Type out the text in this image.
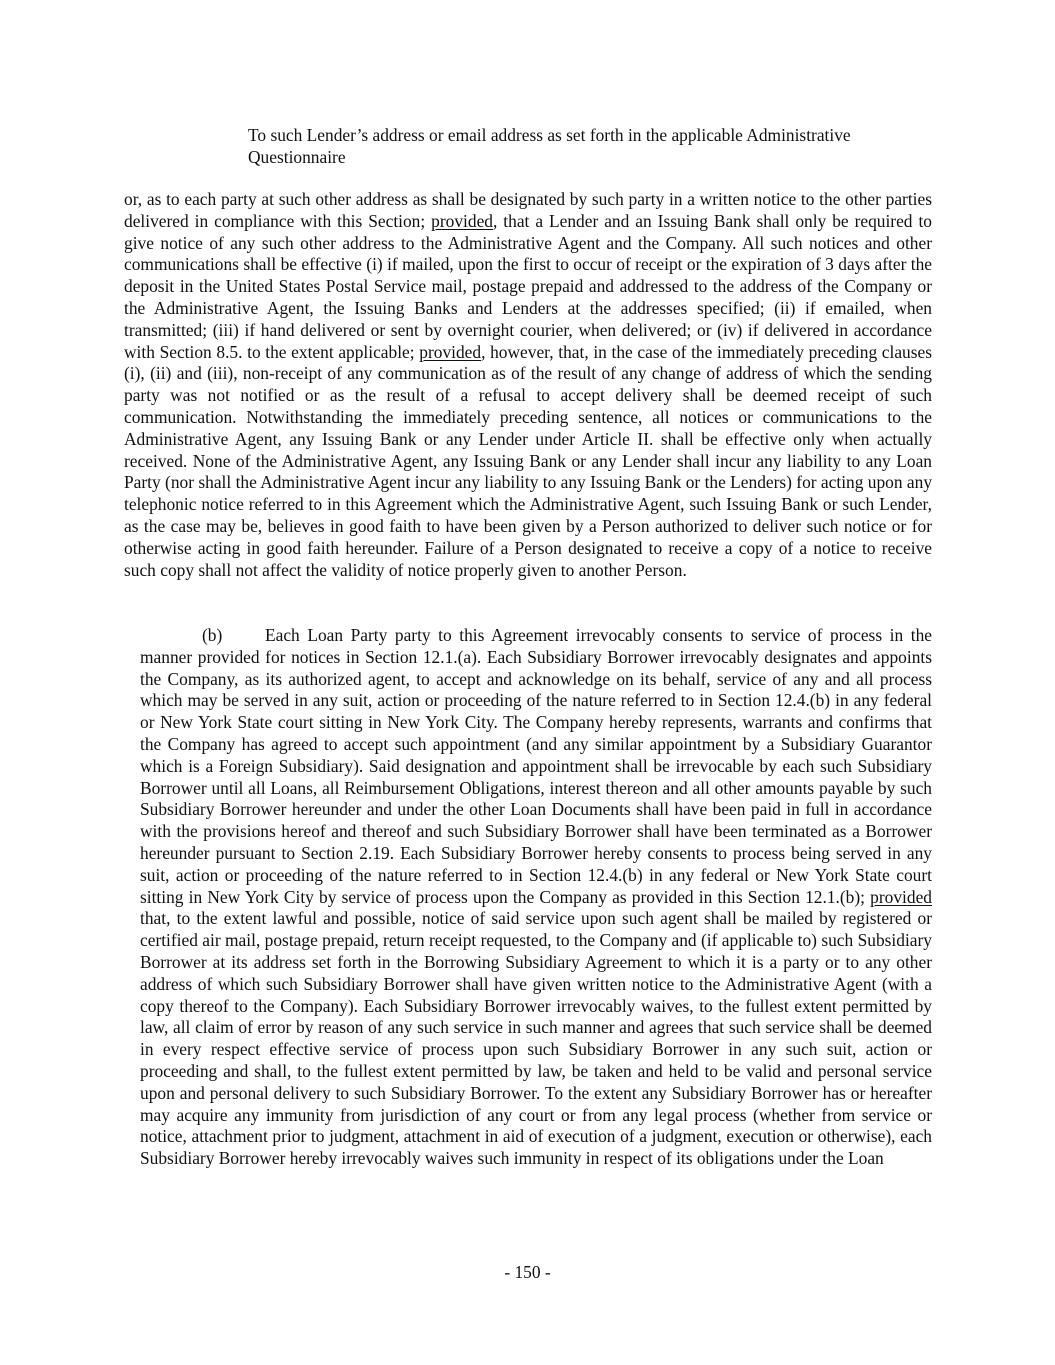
To such Lender’s address or email address as set forth in the applicable Administrative
Questionnaire

or, as to each party at such other address as shall be designated by such party in a written notice to the other parties delivered in compliance with this Section; provided, that a Lender and an Issuing Bank shall only be required to give notice of any such other address to the Administrative Agent and the Company. All such notices and other communications shall be effective (i) if mailed, upon the first to occur of receipt or the expiration of 3 days after the deposit in the United States Postal Service mail, postage prepaid and addressed to the address of the Company or the Administrative Agent, the Issuing Banks and Lenders at the addresses specified; (ii) if emailed, when transmitted; (iii) if hand delivered or sent by overnight courier, when delivered; or (iv) if delivered in accordance with Section 8.5. to the extent applicable; provided, however, that, in the case of the immediately preceding clauses (i), (ii) and (iii), non-receipt of any communication as of the result of any change of address of which the sending party was not notified or as the result of a refusal to accept delivery shall be deemed receipt of such communication. Notwithstanding the immediately preceding sentence, all notices or communications to the Administrative Agent, any Issuing Bank or any Lender under Article II. shall be effective only when actually received. None of the Administrative Agent, any Issuing Bank or any Lender shall incur any liability to any Loan Party (nor shall the Administrative Agent incur any liability to any Issuing Bank or the Lenders) for acting upon any telephonic notice referred to in this Agreement which the Administrative Agent, such Issuing Bank or such Lender, as the case may be, believes in good faith to have been given by a Person authorized to deliver such notice or for otherwise acting in good faith hereunder. Failure of a Person designated to receive a copy of a notice to receive such copy shall not affect the validity of notice properly given to another Person.

(b) Each Loan Party party to this Agreement irrevocably consents to service of process in the manner provided for notices in Section 12.1.(a). Each Subsidiary Borrower irrevocably designates and appoints the Company, as its authorized agent, to accept and acknowledge on its behalf, service of any and all process which may be served in any suit, action or proceeding of the nature referred to in Section 12.4.(b) in any federal or New York State court sitting in New York City. The Company hereby represents, warrants and confirms that the Company has agreed to accept such appointment (and any similar appointment by a Subsidiary Guarantor which is a Foreign Subsidiary). Said designation and appointment shall be irrevocable by each such Subsidiary Borrower until all Loans, all Reimbursement Obligations, interest thereon and all other amounts payable by such Subsidiary Borrower hereunder and under the other Loan Documents shall have been paid in full in accordance with the provisions hereof and thereof and such Subsidiary Borrower shall have been terminated as a Borrower hereunder pursuant to Section 2.19. Each Subsidiary Borrower hereby consents to process being served in any suit, action or proceeding of the nature referred to in Section 12.4.(b) in any federal or New York State court sitting in New York City by service of process upon the Company as provided in this Section 12.1.(b); provided that, to the extent lawful and possible, notice of said service upon such agent shall be mailed by registered or certified air mail, postage prepaid, return receipt requested, to the Company and (if applicable to) such Subsidiary Borrower at its address set forth in the Borrowing Subsidiary Agreement to which it is a party or to any other address of which such Subsidiary Borrower shall have given written notice to the Administrative Agent (with a copy thereof to the Company). Each Subsidiary Borrower irrevocably waives, to the fullest extent permitted by law, all claim of error by reason of any such service in such manner and agrees that such service shall be deemed in every respect effective service of process upon such Subsidiary Borrower in any such suit, action or proceeding and shall, to the fullest extent permitted by law, be taken and held to be valid and personal service upon and personal delivery to such Subsidiary Borrower. To the extent any Subsidiary Borrower has or hereafter may acquire any immunity from jurisdiction of any court or from any legal process (whether from service or notice, attachment prior to judgment, attachment in aid of execution of a judgment, execution or otherwise), each Subsidiary Borrower hereby irrevocably waives such immunity in respect of its obligations under the Loan

- 150 -
